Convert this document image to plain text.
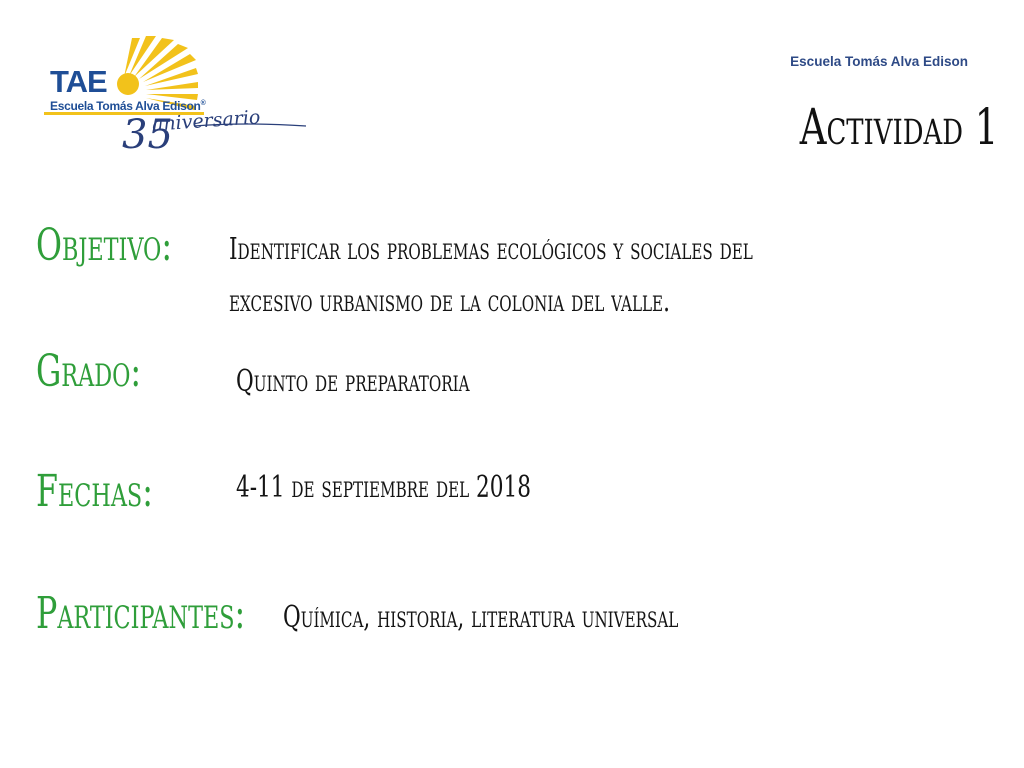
TAE
Escuela Tomás Alva Edison®
35
aniversario
Escuela Tomás Alva Edison
Actividad 1
Objetivo: Identificar los problemas ecológicos y sociales del
excesivo urbanismo de la colonia del valle.
Grado:	Quinto de preparatoria
Fechas:	4-11 de septiembre del 2018
Participantes: Química, historia, literatura universal
